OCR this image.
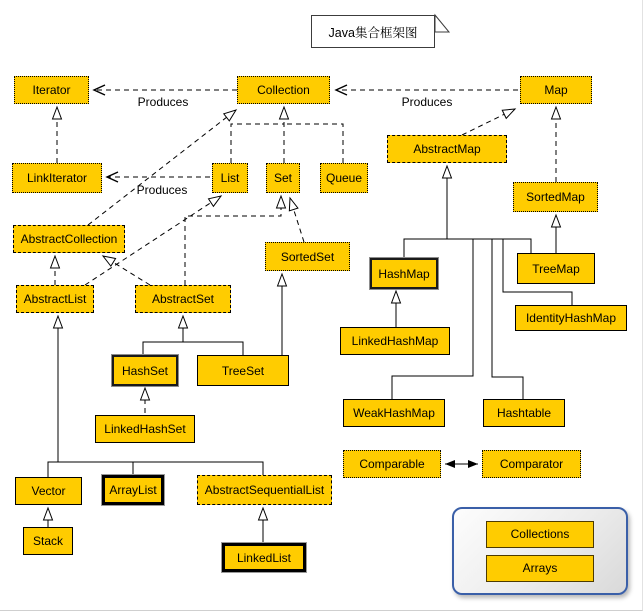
Java集合框架图
Iterator	Collection	Map
LinkIterator	List	Set	Queue
AbstractMap
SortedMap
AbstractCollection
SortedSet
HashMap	TreeMap
AbstractList	AbstractSet
IdentityHashMap
LinkedHashMap
HashSet	TreeSet
WeakHashMap	Hashtable
LinkedHashSet
Comparable	Comparator
Vector	ArrayList	AbstractSequentialList
Stack
LinkedList
Produces	Produces
Produces
Collections
Arrays
